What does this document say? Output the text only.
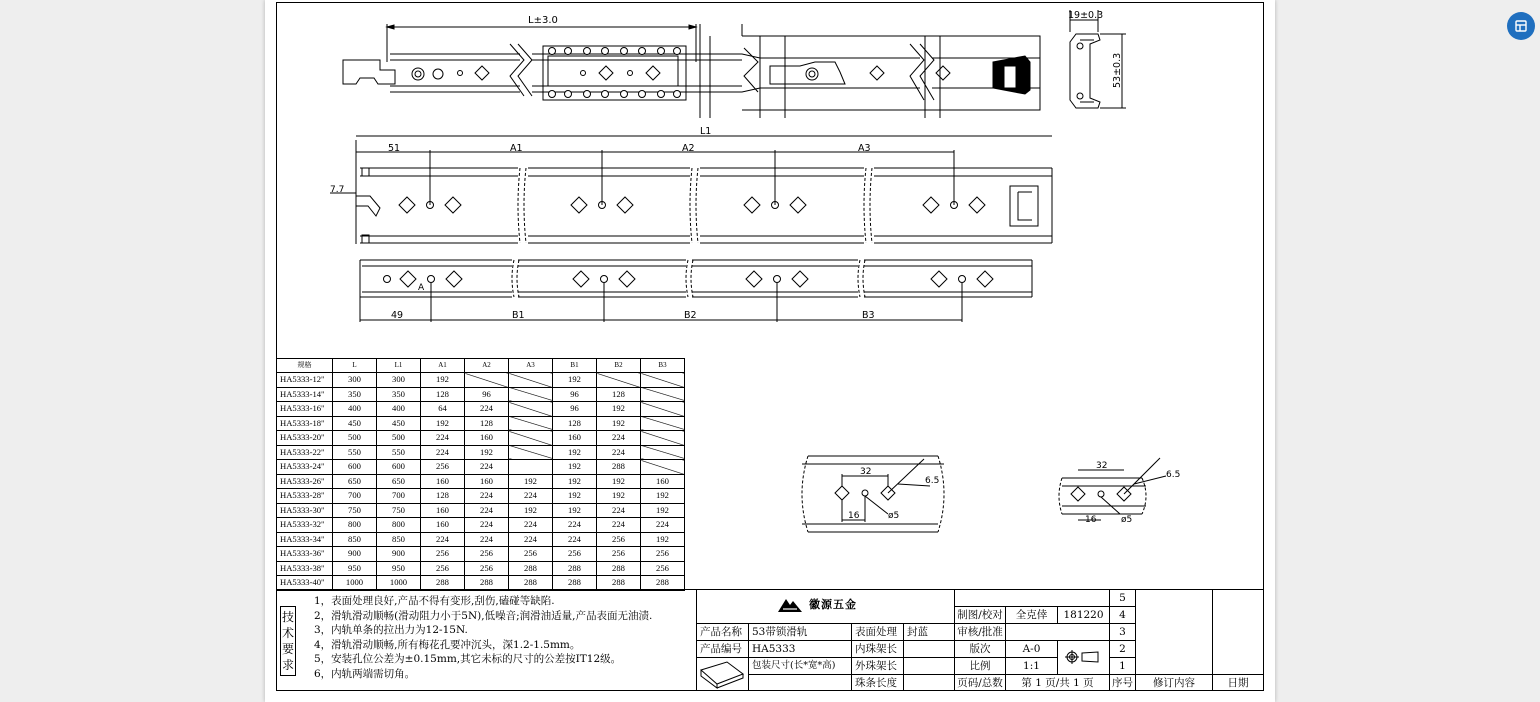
L±3.0	19±0.3
53±0.3
L1
51	A1	A2	A3
7.7
A
49	B1	B2	B3
32
6.5
16	ø5
32
6.5
16	ø5
规格	L	L1	A1	A2	A3	B1	B2	B3
HA5333-12"	300	300	192			192		
HA5333-14"	350	350	128	96		96	128	
HA5333-16"	400	400	64	224		96	192	
HA5333-18"	450	450	192	128		128	192	
HA5333-20"	500	500	224	160		160	224	
HA5333-22"	550	550	224	192		192	224	
HA5333-24"	600	600	256	224		192	288	
HA5333-26"	650	650	160	160	192	192	192	160
HA5333-28"	700	700	128	224	224	192	192	192
HA5333-30"	750	750	160	224	192	192	224	192
HA5333-32"	800	800	160	224	224	224	224	224
HA5333-34"	850	850	224	224	224	224	256	192
HA5333-36"	900	900	256	256	256	256	256	256
HA5333-38"	950	950	256	256	288	288	288	256
HA5333-40"	1000	1000	288	288	288	288	288	288
技术要求
1，表面处理良好,产品不得有变形,刮伤,磕碰等缺陷.
2，滑轨滑动顺畅(滑动阻力小于5N),低噪音;润滑油适量,产品表面无油渍.
3，内轨单条的拉出力为12-15N.
4，滑轨滑动顺畅,所有梅花孔要冲沉头，深1.2-1.5mm。
5，安装孔位公差为±0.15mm,其它未标的尺寸的公差按IT12级。
6，内轨两端需切角。
徽源五金
产品名称 53带锁滑轨	表面处理 封蓝
产品编号 HA5333	内珠架长
包装尺寸(长*宽*高)	外珠架长
珠条长度
制图/校对	全克倖	181220
审核/批准
版次	A-0
比例	1:1
页码/总数	第 1 页/共 1 页
5
4
3
2
1
序号	修订内容	日期
